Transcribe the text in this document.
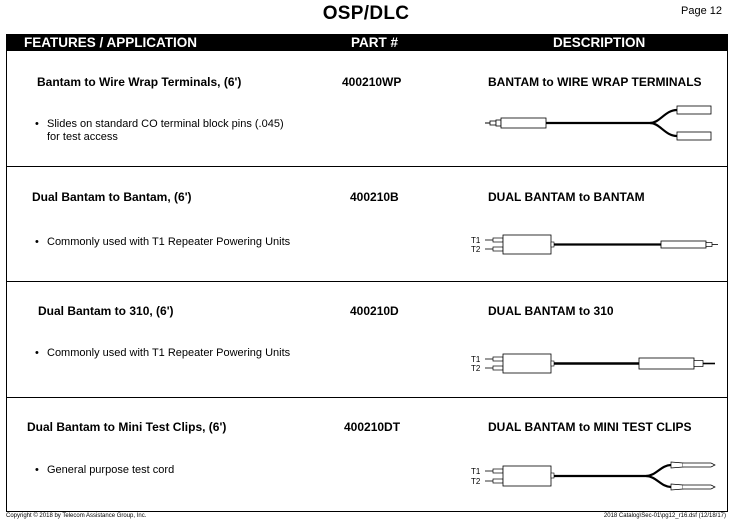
OSP/DLC	Page 12
FEATURES / APPLICATION	PART #	DESCRIPTION
Bantam to Wire Wrap Terminals, (6')	400210WP	BANTAM to WIRE WRAP TERMINALS
• Slides on standard CO terminal block pins (.045)
for test access
Dual Bantam to Bantam, (6')	400210B	DUAL BANTAM to BANTAM
• Commonly used with T1 Repeater Powering Units	T1
T2
Dual Bantam to 310, (6')	400210D	DUAL BANTAM to 310
• Commonly used with T1 Repeater Powering Units
T1
T2
Dual Bantam to Mini Test Clips, (6')	400210DT	DUAL BANTAM to MINI TEST CLIPS
• General purpose test cord	T1
T2
Copyright © 2018 by Telecom Assistance Group, Inc.	2018 Catalog\Sec-01\pg12_r16.dsf (12/18/17)
